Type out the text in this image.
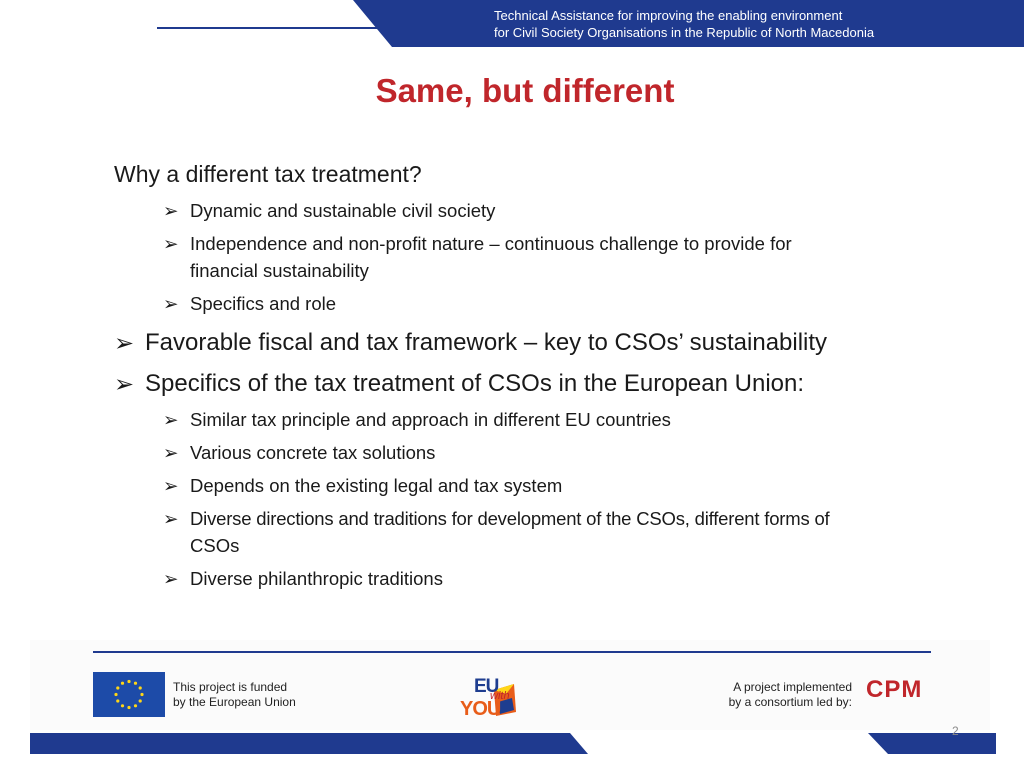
Technical Assistance for improving the enabling environment
for Civil Society Organisations in the Republic of North Macedonia
Same, but different
Why a different tax treatment?
➢ Dynamic and sustainable civil society
➢ Independence and non-profit nature – continuous challenge to provide for
financial sustainability
➢ Specifics and role
➢ Favorable fiscal and tax framework – key to CSOs’ sustainability
➢ Specifics of the tax treatment of CSOs in the European Union:
➢ Similar tax principle and approach in different EU countries
➢ Various concrete tax solutions
➢ Depends on the existing legal and tax system
➢ Diverse directions and traditions for development of the CSOs, different forms of
CSOs
➢ Diverse philanthropic traditions
This project is funded
by the European Union
EU
with
YOU
A project implemented
by a consortium led by: CPM
2
